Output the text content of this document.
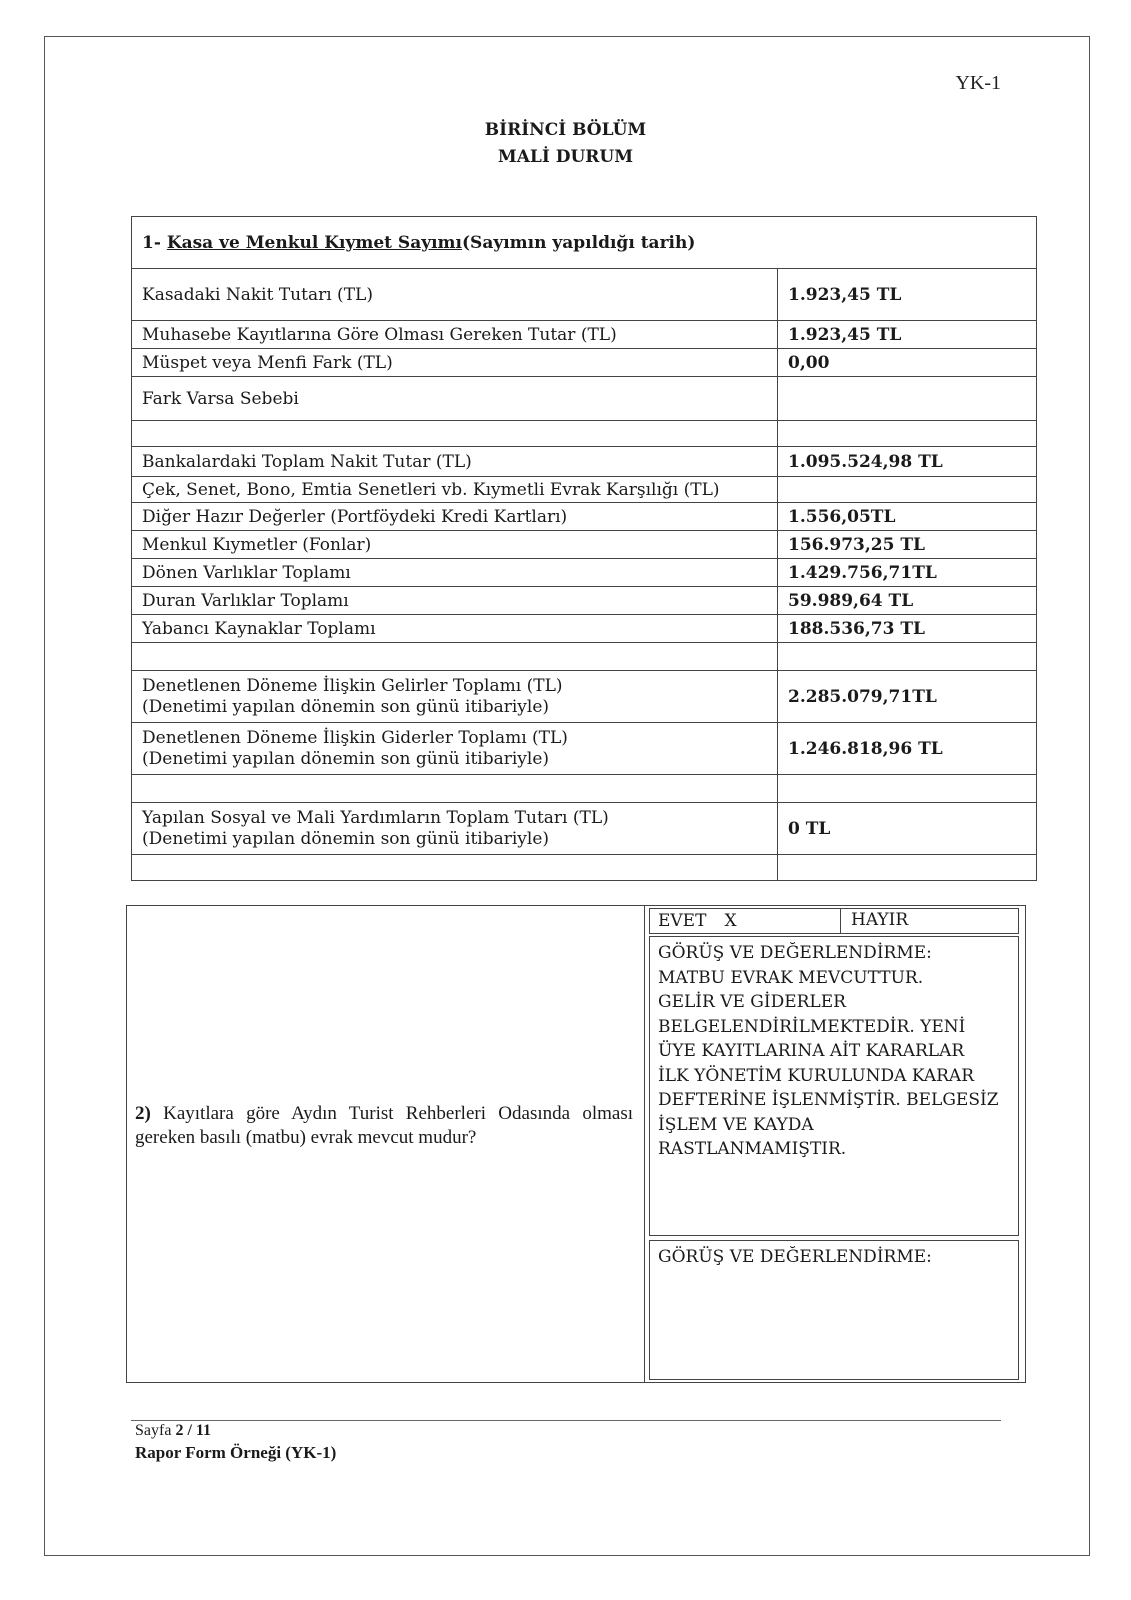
YK-1
BİRİNCİ BÖLÜM
MALİ DURUM
1- Kasa ve Menkul Kıymet Sayımı(Sayımın yapıldığı tarih)	
Kasadaki Nakit Tutarı (TL)	1.923,45 TL
Muhasebe Kayıtlarına Göre Olması Gereken Tutar (TL)	1.923,45 TL
Müspet veya Menfi Fark (TL)	0,00
Fark Varsa Sebebi	

Bankalardaki Toplam Nakit Tutar (TL)	1.095.524,98 TL
Çek, Senet, Bono, Emtia Senetleri vb. Kıymetli Evrak Karşılığı (TL)	
Diğer Hazır Değerler (Portföydeki Kredi Kartları)	1.556,05TL
Menkul Kıymetler (Fonlar)	156.973,25 TL
Dönen Varlıklar Toplamı	1.429.756,71TL
Duran Varlıklar Toplamı	59.989,64 TL
Yabancı Kaynaklar Toplamı	188.536,73 TL

Denetlenen Döneme İlişkin Gelirler Toplamı (TL)
(Denetimi yapılan dönemin son günü itibariyle)	2.285.079,71TL

Denetlenen Döneme İlişkin Giderler Toplamı (TL)
(Denetimi yapılan dönemin son günü itibariyle)	1.246.818,96 TL

Yapılan Sosyal ve Mali Yardımların Toplam Tutarı (TL)
(Denetimi yapılan dönemin son günü itibariyle)	0 TL

2) Kayıtlara göre Aydın Turist Rehberleri Odasında olması gereken basılı (matbu) evrak mevcut mudur?
EVET X	HAYIR
GÖRÜŞ VE DEĞERLENDİRME:
MATBU EVRAK MEVCUTTUR.
GELİR VE GİDERLER
BELGELENDİRİLMEKTEDİR. YENİ
ÜYE KAYITLARINA AİT KARARLAR
İLK YÖNETİM KURULUNDA KARAR
DEFTERİNE İŞLENMİŞTİR. BELGESİZ
İŞLEM VE KAYDA
RASTLANMAMIŞTIR.
GÖRÜŞ VE DEĞERLENDİRME:
Sayfa 2 / 11
Rapor Form Örneği (YK-1)
